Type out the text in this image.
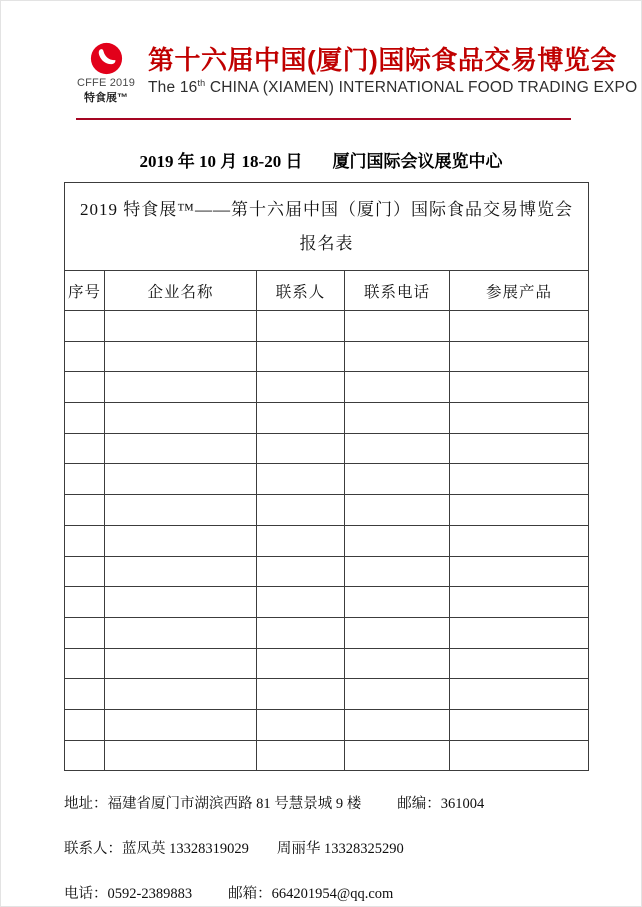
CFFE 2019
特食展™
第十六届中国(厦门)国际食品交易博览会
The 16th CHINA (XIAMEN) INTERNATIONAL FOOD TRADING EXPO
2019 年 10 月 18-20 日 厦门国际会议展览中心
2019 特食展™——第十六届中国（厦门）国际食品交易博览会
报名表				

序号	企业名称	联系人	联系电话	参展产品

地址：福建省厦门市湖滨西路 81 号慧景城 9 楼 邮编：361004
联系人：蓝凤英 13328319029 周丽华 13328325290
电话：0592-2389883 邮箱：664201954@qq.com
